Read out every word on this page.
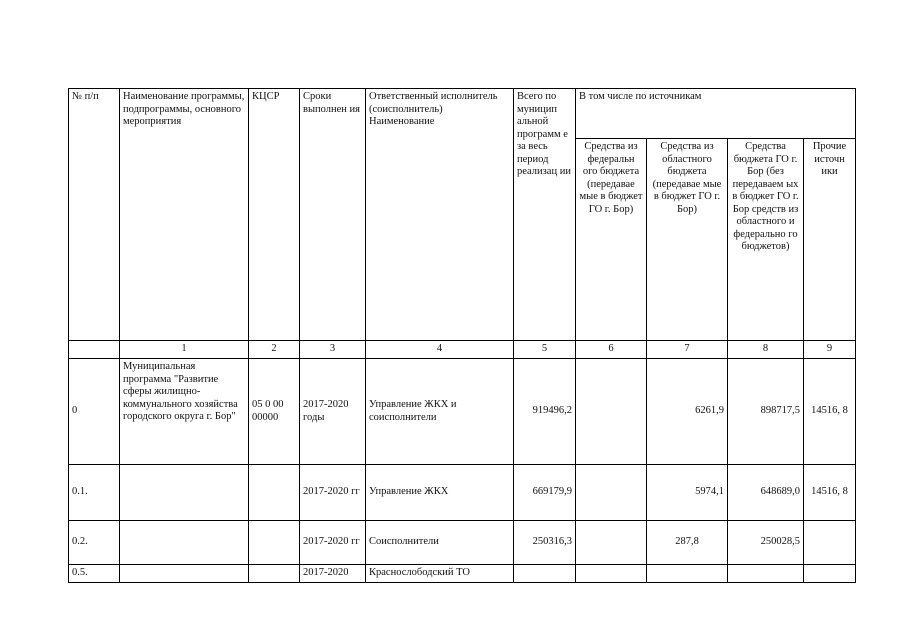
№ п/п	Наименование программы, подпрограммы, основного мероприятия	КЦСР	Сроки выполнен ия	Ответственный исполнитель (соисполнитель) Наименование	Всего по муницип альной программ е за весь период реализац ии	В том числе по источникам			
						Средства из федеральн ого бюджета (передавае мые в бюджет ГО г. Бор)	Средства из областного бюджета (передавае мые в бюджет ГО г. Бор)	Средства бюджета ГО г. Бор (без передаваем ых в бюджет ГО г. Бор средств из областного и федерально го бюджетов)	Прочие источн ики
	1	2	3	4	5	6	7	8	9
0	Муниципальная программа "Развитие сферы жилищно-коммунального хозяйства городского округа г. Бор"	05 0 00 00000	2017-2020 годы	Управление ЖКХ и соисполнители	919496,2		6261,9	898717,5	14516, 8
0.1.			2017-2020 гг	Управление ЖКХ	669179,9		5974,1	648689,0	14516, 8
0.2.			2017-2020 гг	Соисполнители	250316,3		287,8	250028,5	
0.5.			2017-2020	Краснослободский ТО					
